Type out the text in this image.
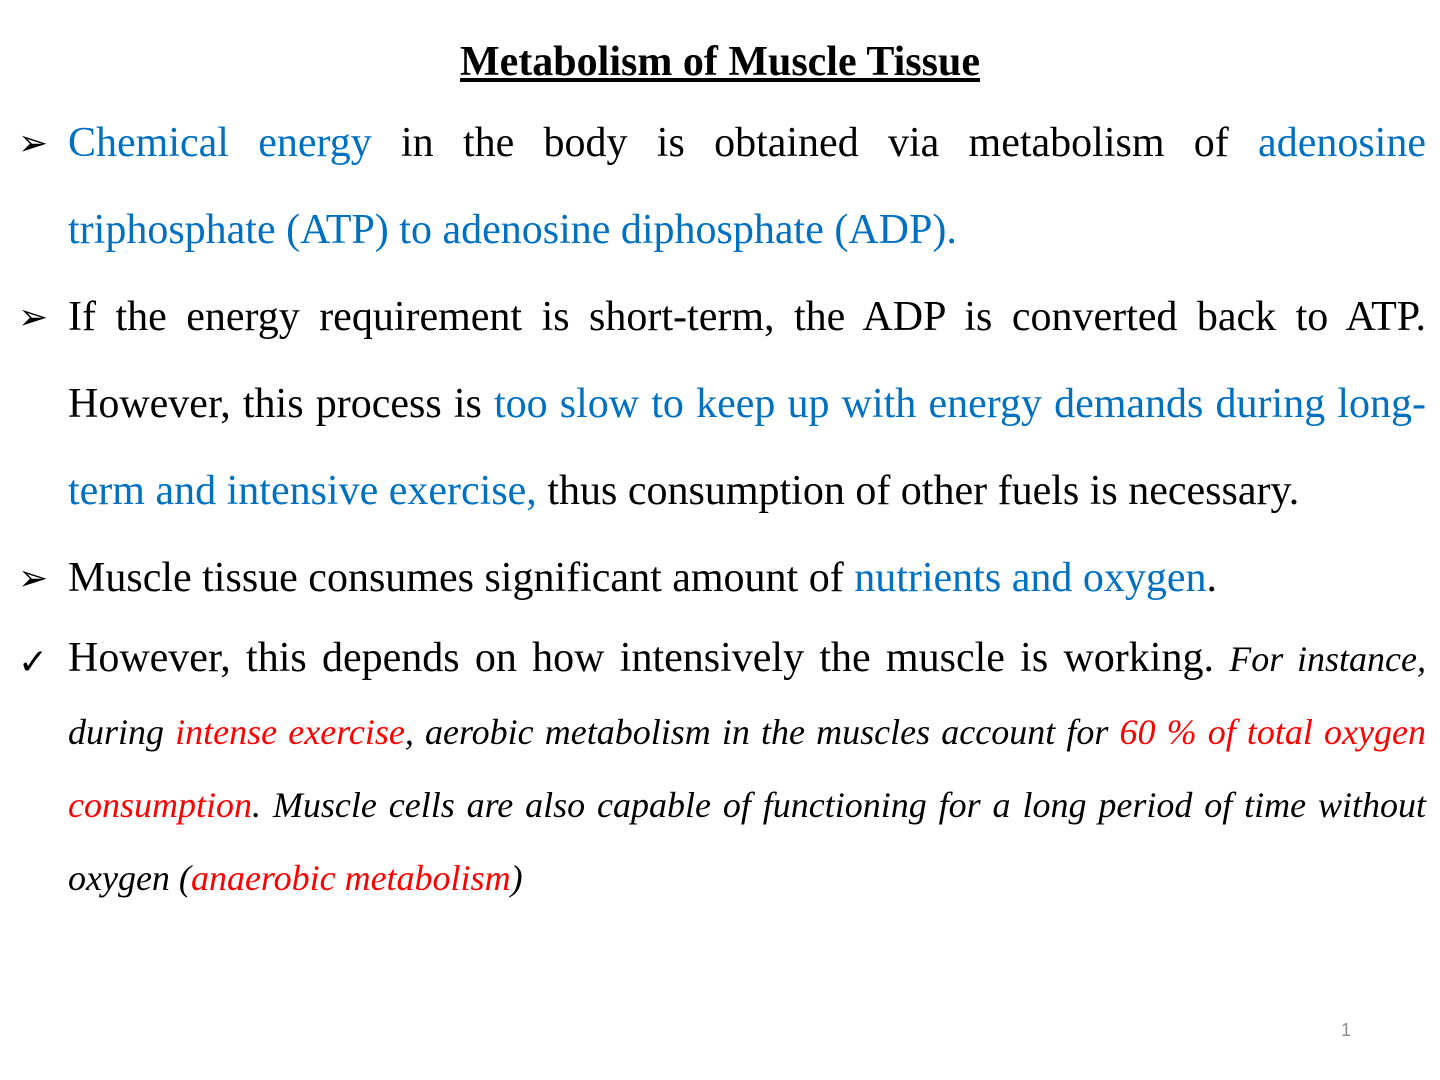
Metabolism of Muscle Tissue
➢ Chemical energy in the body is obtained via metabolism of adenosine triphosphate (ATP) to adenosine diphosphate (ADP).

➢ If the energy requirement is short-term, the ADP is converted back to ATP. However, this process is too slow to keep up with energy demands during long-term and intensive exercise, thus consumption of other fuels is necessary.

➢ Muscle tissue consumes significant amount of nutrients and oxygen.

✓ However, this depends on how intensively the muscle is working. For instance, during intense exercise, aerobic metabolism in the muscles account for 60 % of total oxygen consumption. Muscle cells are also capable of functioning for a long period of time without oxygen (anaerobic metabolism)

1
